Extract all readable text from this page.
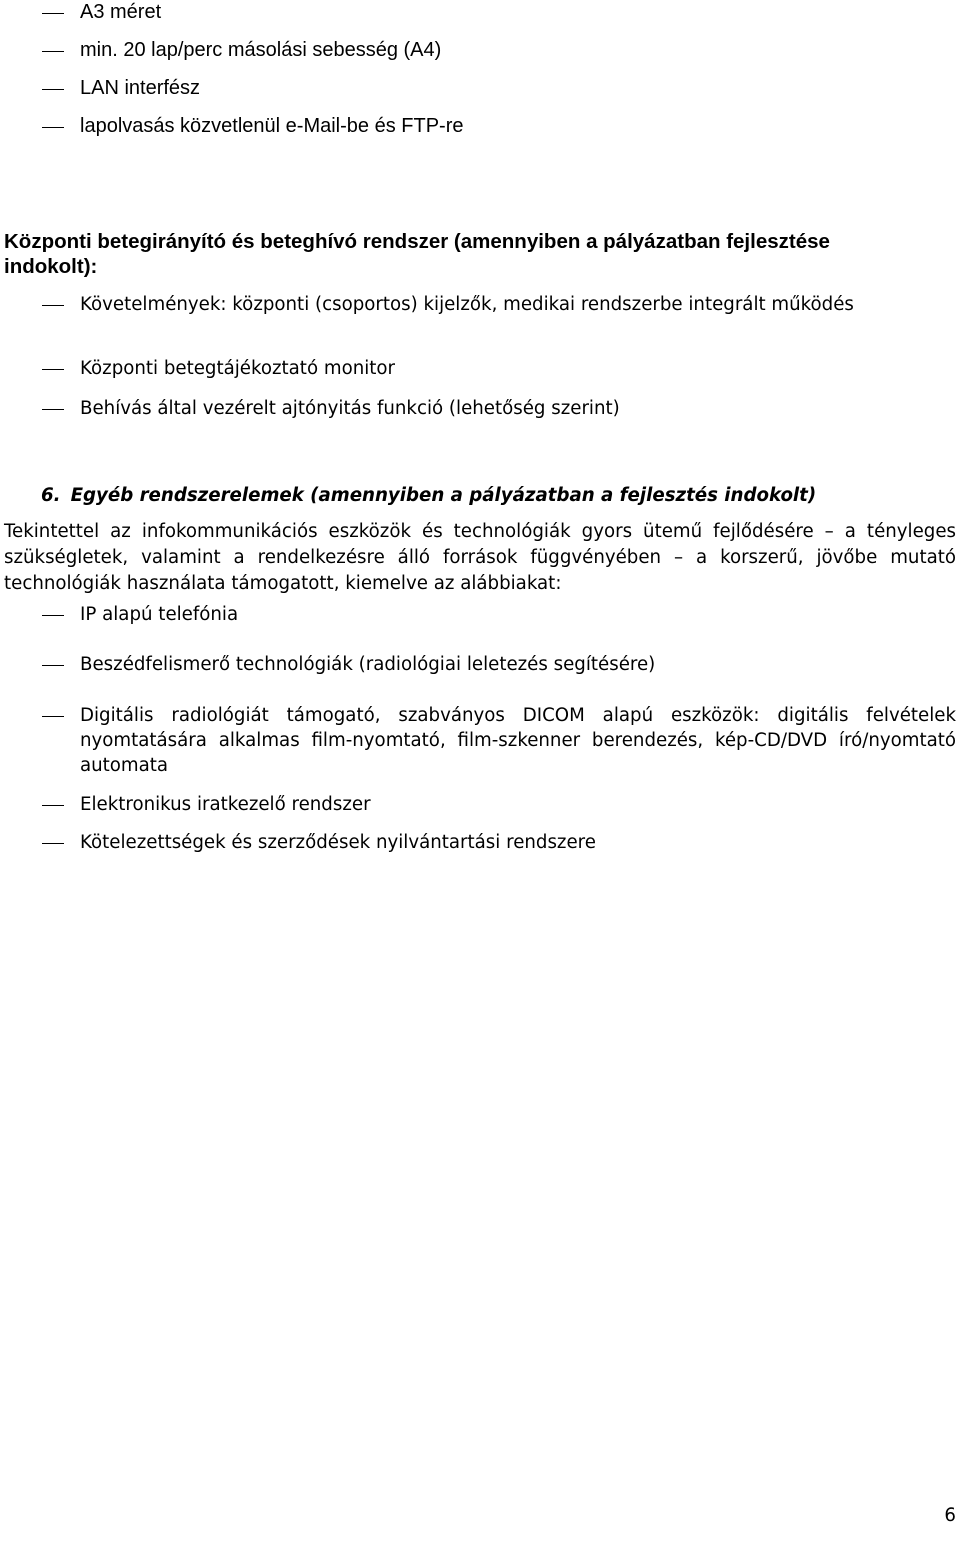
A3 méret
min. 20 lap/perc másolási sebesség (A4)
LAN interfész
lapolvasás közvetlenül e-Mail-be és FTP-re
Központi betegirányító és beteghívó rendszer (amennyiben a pályázatban fejlesztése indokolt):
Követelmények: központi (csoportos) kijelzők, medikai rendszerbe integrált működés
Központi betegtájékoztató monitor
Behívás által vezérelt ajtónyitás funkció (lehetőség szerint)
6. Egyéb rendszerelemek (amennyiben a pályázatban a fejlesztés indokolt)
Tekintettel az infokommunikációs eszközök és technológiák gyors ütemű fejlődésére – a tényleges szükségletek, valamint a rendelkezésre álló források függvényében – a korszerű, jövőbe mutató technológiák használata támogatott, kiemelve az alábbiakat:
IP alapú telefónia
Beszédfelismerő technológiák (radiológiai leletezés segítésére)
Digitális radiológiát támogató, szabványos DICOM alapú eszközök: digitális felvételek nyomtatására alkalmas film-nyomtató, film-szkenner berendezés, kép-CD/DVD író/nyomtató automata
Elektronikus iratkezelő rendszer
Kötelezettségek és szerződések nyilvántartási rendszere
6
